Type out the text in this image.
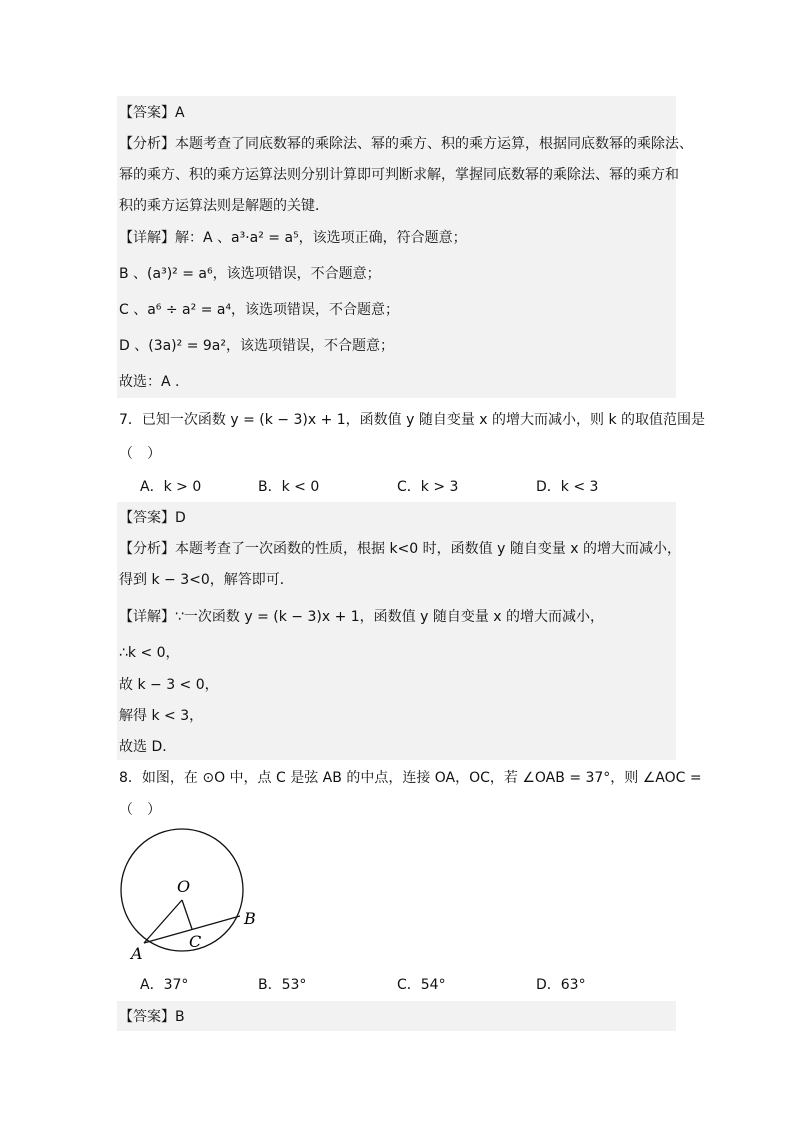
【答案】A
【分析】本题考查了同底数幂的乘除法、幂的乘方、积的乘方运算，根据同底数幂的乘除法、
幂的乘方、积的乘方运算法则分别计算即可判断求解，掌握同底数幂的乘除法、幂的乘方和
积的乘方运算法则是解题的关键．
【详解】解：A 、a³·a² = a⁵，该选项正确，符合题意；
B 、(a³)² = a⁶，该选项错误，不合题意；
C 、a⁶ ÷ a² = a⁴，该选项错误，不合题意；
D 、(3a)² = 9a²，该选项错误，不合题意；
故选：A .
7．已知一次函数 y = (k − 3)x + 1，函数值 y 随自变量 x 的增大而减小，则 k 的取值范围是
（　）
A．k > 0	B．k < 0	C．k > 3	D．k < 3
【答案】D
【分析】本题考查了一次函数的性质，根据 k<0 时，函数值 y 随自变量 x 的增大而减小，
得到 k − 3<0，解答即可．
【详解】∵一次函数 y = (k − 3)x + 1，函数值 y 随自变量 x 的增大而减小，
∴k < 0，
故 k − 3 < 0，
解得 k < 3，
故选 D．
8．如图，在 ⊙O 中，点 C 是弦 AB 的中点，连接 OA，OC，若 ∠OAB = 37°，则 ∠AOC =
（　）
O
A
B
C
A．37°	B．53°	C．54°	D．63°
【答案】B
